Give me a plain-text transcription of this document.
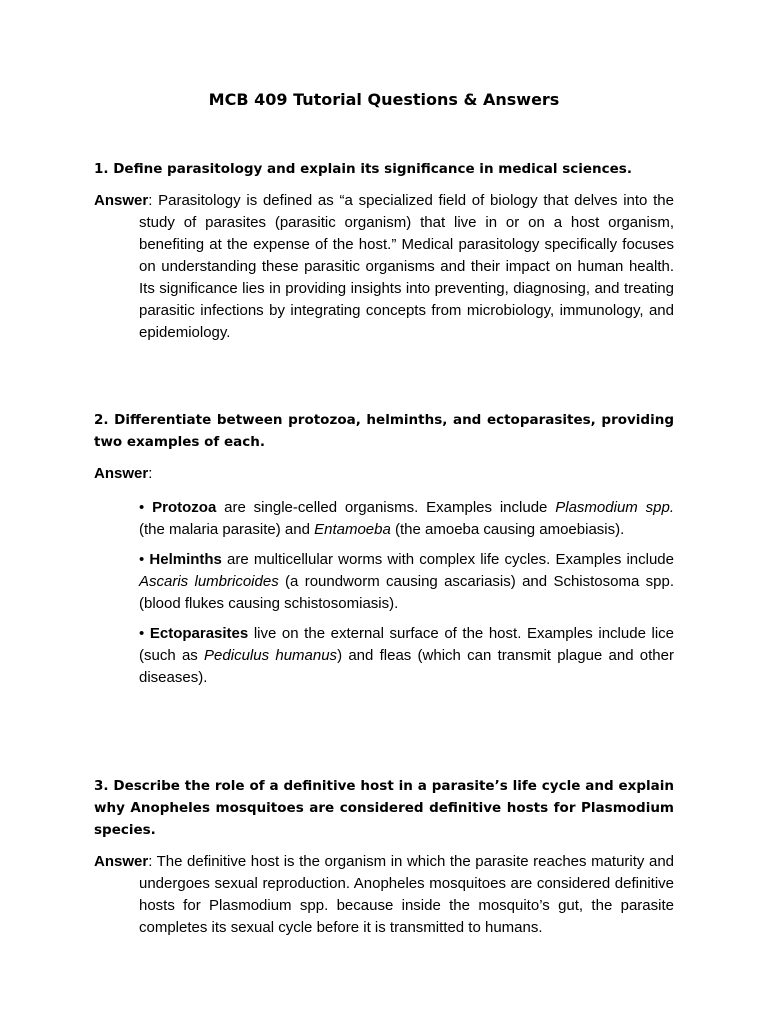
MCB 409 Tutorial Questions & Answers

1. Define parasitology and explain its significance in medical sciences.

Answer: Parasitology is defined as “a specialized field of biology that delves into the study of parasites (parasitic organism) that live in or on a host organism, benefiting at the expense of the host.” Medical parasitology specifically focuses on understanding these parasitic organisms and their impact on human health. Its significance lies in providing insights into preventing, diagnosing, and treating parasitic infections by integrating concepts from microbiology, immunology, and epidemiology.

2. Differentiate between protozoa, helminths, and ectoparasites, providing two examples of each.

Answer:

• Protozoa are single-celled organisms. Examples include Plasmodium spp. (the malaria parasite) and Entamoeba (the amoeba causing amoebiasis).

• Helminths are multicellular worms with complex life cycles. Examples include Ascaris lumbricoides (a roundworm causing ascariasis) and Schistosoma spp. (blood flukes causing schistosomiasis).

• Ectoparasites live on the external surface of the host. Examples include lice (such as Pediculus humanus) and fleas (which can transmit plague and other diseases).

3. Describe the role of a definitive host in a parasite’s life cycle and explain why Anopheles mosquitoes are considered definitive hosts for Plasmodium species.

Answer: The definitive host is the organism in which the parasite reaches maturity and undergoes sexual reproduction. Anopheles mosquitoes are considered definitive hosts for Plasmodium spp. because inside the mosquito’s gut, the parasite completes its sexual cycle before it is transmitted to humans.
